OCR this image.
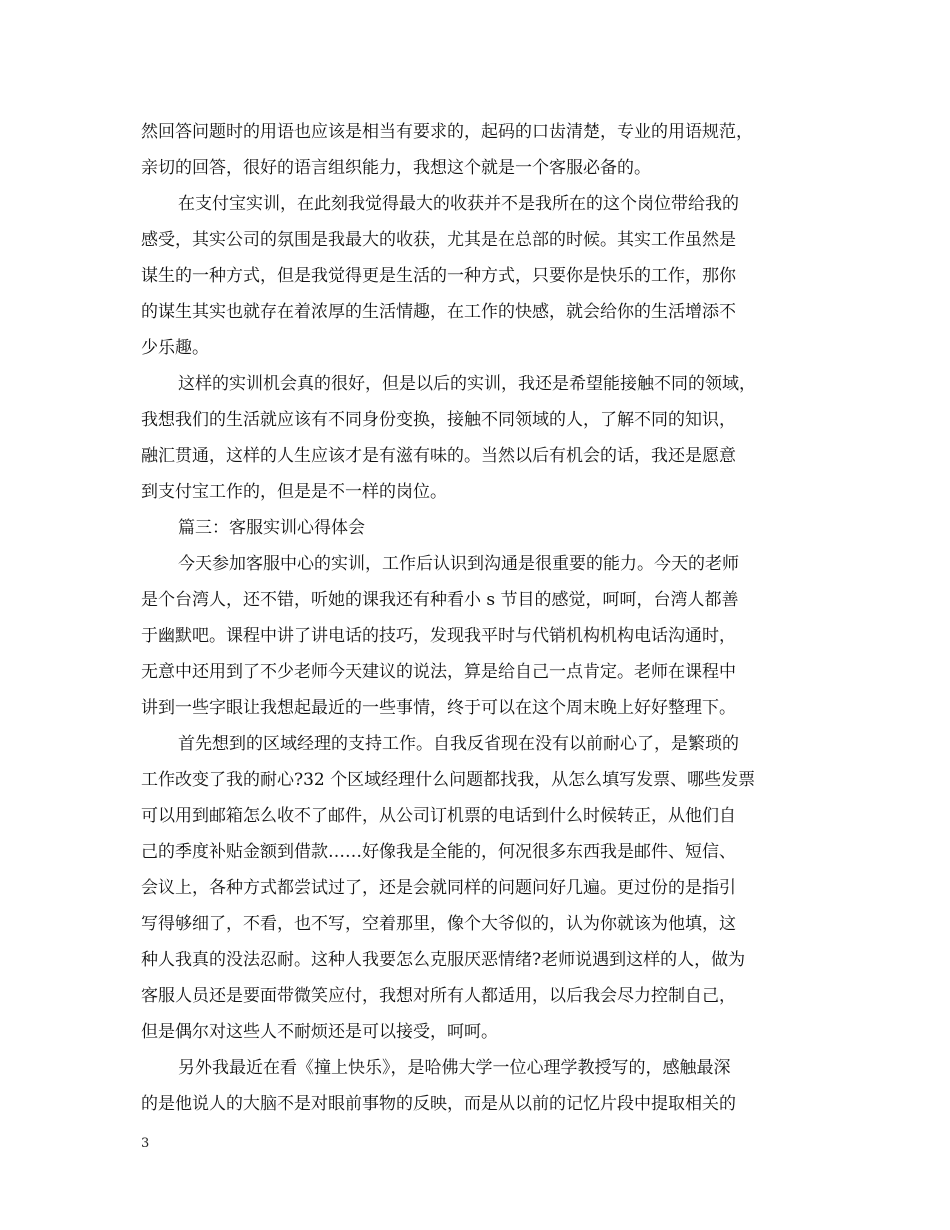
然回答问题时的用语也应该是相当有要求的，起码的口齿清楚，专业的用语规范，
亲切的回答，很好的语言组织能力，我想这个就是一个客服必备的。
在支付宝实训，在此刻我觉得最大的收获并不是我所在的这个岗位带给我的
感受，其实公司的氛围是我最大的收获，尤其是在总部的时候。其实工作虽然是
谋生的一种方式，但是我觉得更是生活的一种方式，只要你是快乐的工作，那你
的谋生其实也就存在着浓厚的生活情趣，在工作的快感，就会给你的生活增添不
少乐趣。
这样的实训机会真的很好，但是以后的实训，我还是希望能接触不同的领域，
我想我们的生活就应该有不同身份变换，接触不同领域的人，了解不同的知识，
融汇贯通，这样的人生应该才是有滋有味的。当然以后有机会的话，我还是愿意
到支付宝工作的，但是是不一样的岗位。
篇三：客服实训心得体会
今天参加客服中心的实训，工作后认识到沟通是很重要的能力。今天的老师
是个台湾人，还不错，听她的课我还有种看小 s 节目的感觉，呵呵，台湾人都善
于幽默吧。课程中讲了讲电话的技巧，发现我平时与代销机构机构电话沟通时，
无意中还用到了不少老师今天建议的说法，算是给自己一点肯定。老师在课程中
讲到一些字眼让我想起最近的一些事情，终于可以在这个周末晚上好好整理下。
首先想到的区域经理的支持工作。自我反省现在没有以前耐心了，是繁琐的
工作改变了我的耐心?32 个区域经理什么问题都找我，从怎么填写发票、哪些发票
可以用到邮箱怎么收不了邮件，从公司订机票的电话到什么时候转正，从他们自
己的季度补贴金额到借款……好像我是全能的，何况很多东西我是邮件、短信、
会议上，各种方式都尝试过了，还是会就同样的问题问好几遍。更过份的是指引
写得够细了，不看，也不写，空着那里，像个大爷似的，认为你就该为他填，这
种人我真的没法忍耐。这种人我要怎么克服厌恶情绪?老师说遇到这样的人，做为
客服人员还是要面带微笑应付，我想对所有人都适用，以后我会尽力控制自己，
但是偶尔对这些人不耐烦还是可以接受，呵呵。
另外我最近在看《撞上快乐》，是哈佛大学一位心理学教授写的，感触最深
的是他说人的大脑不是对眼前事物的反映，而是从以前的记忆片段中提取相关的
3
